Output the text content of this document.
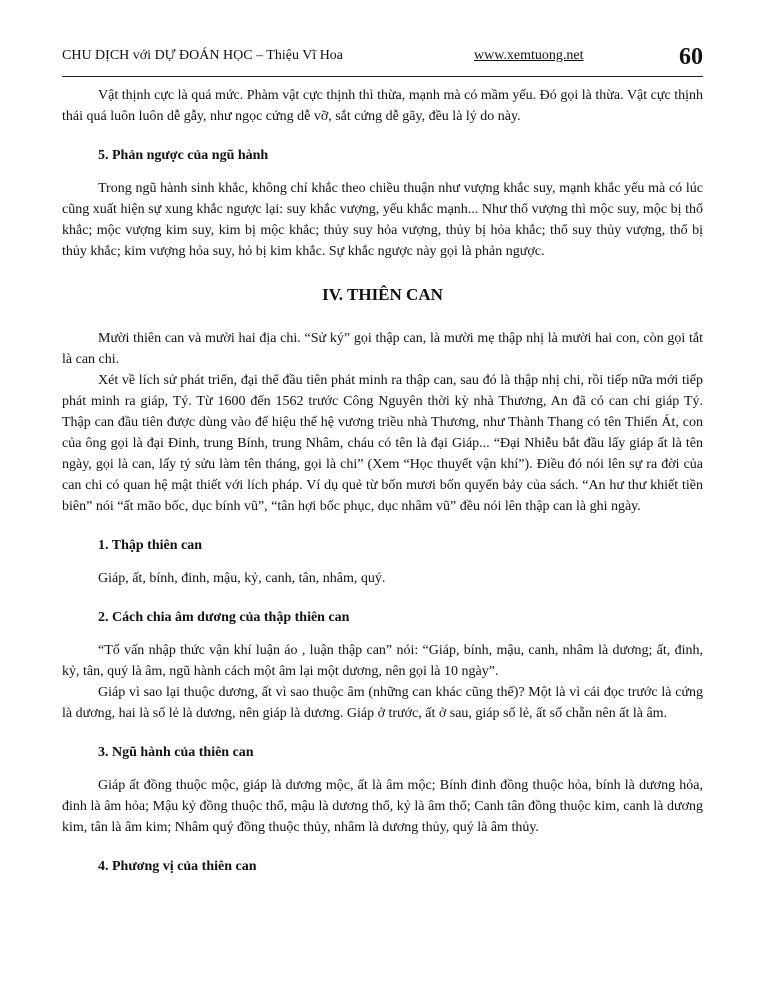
CHU DỊCH với DỰ ĐOÁN HỌC – Thiệu Vĩ Hoa	www.xemtuong.net	60

Vật thịnh cực là quá mức. Phàm vật cực thịnh thì thừa, mạnh mà có mầm yếu. Đó gọi là thừa. Vật cực thịnh thái quá luôn luôn dễ gẫy, như ngọc cứng dễ vỡ, sắt cứng dễ gãy, đều là lý do này.

5. Phản ngược của ngũ hành

Trong ngũ hành sinh khắc, không chỉ khắc theo chiều thuận như vượng khắc suy, mạnh khắc yếu mà có lúc cũng xuất hiện sự xung khắc ngược lại: suy khắc vượng, yếu khắc mạnh... Như thổ vượng thì mộc suy, mộc bị thổ khắc; mộc vượng kim suy, kim bị mộc khắc; thủy suy hỏa vượng, thủy bị hỏa khắc; thổ suy thủy vượng, thổ bị thủy khắc; kim vượng hỏa suy, hỏ bị kim khắc. Sự khắc ngược này gọi là phản ngược.

IV. THIÊN CAN

Mười thiên can và mười hai địa chi. “Sử ký” gọi thập can, là mười mẹ thập nhị là mười hai con, còn gọi tắt là can chi.

Xét về lích sử phát triển, đại thể đầu tiên phát minh ra thập can, sau đó là thập nhị chi, rồi tiếp nữa mới tiếp phát minh ra giáp, Tý. Từ 1600 đến 1562 trước Công Nguyên thời kỳ nhà Thương, An đã có can chi giáp Tý. Thập can đầu tiên được dùng vào đế hiệu thế hệ vương triều nhà Thương, như Thành Thang có tên Thiến Át, con của ông gọi là đại Đinh, trung Bính, trung Nhâm, cháu có tên là đại Giáp... “Đại Nhiễu bắt đầu lấy giáp ất là tên ngày, gọi là can, lấy tý sửu làm tên tháng, gọi là chi” (Xem “Học thuyết vận khí”). Điều đó nói lên sự ra đời của can chi có quan hệ mật thiết với lích pháp. Ví dụ quẻ từ bốn mươi bốn quyển bảy của sách. “An hư thư khiết tiền biên” nói “ất mão bốc, dục bính vũ”, “tân hợi bốc phục, dục nhâm vũ” đều nói lên thập can là ghi ngày.

1. Thập thiên can

Giáp, ất, bính, đinh, mậu, kỷ, canh, tân, nhâm, quý.

2. Cách chia âm dương của thập thiên can

“Tố vấn nhập thức vận khí luận áo , luận thập can” nói: “Giáp, bính, mậu, canh, nhâm là dương; ất, đinh, kỷ, tân, quý là âm, ngũ hành cách một âm lại một dương, nên gọi là 10 ngày”.

Giáp vì sao lại thuộc dương, ất vì sao thuộc âm (những can khác cũng thế)? Một là vì cái đọc trước là cứng là dương, hai là số lẻ là dương, nên giáp là dương. Giáp ở trước, ất ở sau, giáp số lẻ, ất số chẵn nên ất là âm.

3. Ngũ hành của thiên can

Giáp ất đồng thuộc mộc, giáp là dương mộc, ất là âm mộc; Bính đinh đồng thuộc hỏa, bính là dương hỏa, đinh là âm hỏa; Mậu kỷ đồng thuộc thổ, mậu là dương thổ, kỷ là âm thổ; Canh tân đồng thuộc kim, canh là dương kim, tân là âm kim; Nhâm quý đồng thuộc thủy, nhâm là dương thủy, quý là âm thủy.

4. Phương vị của thiên can
